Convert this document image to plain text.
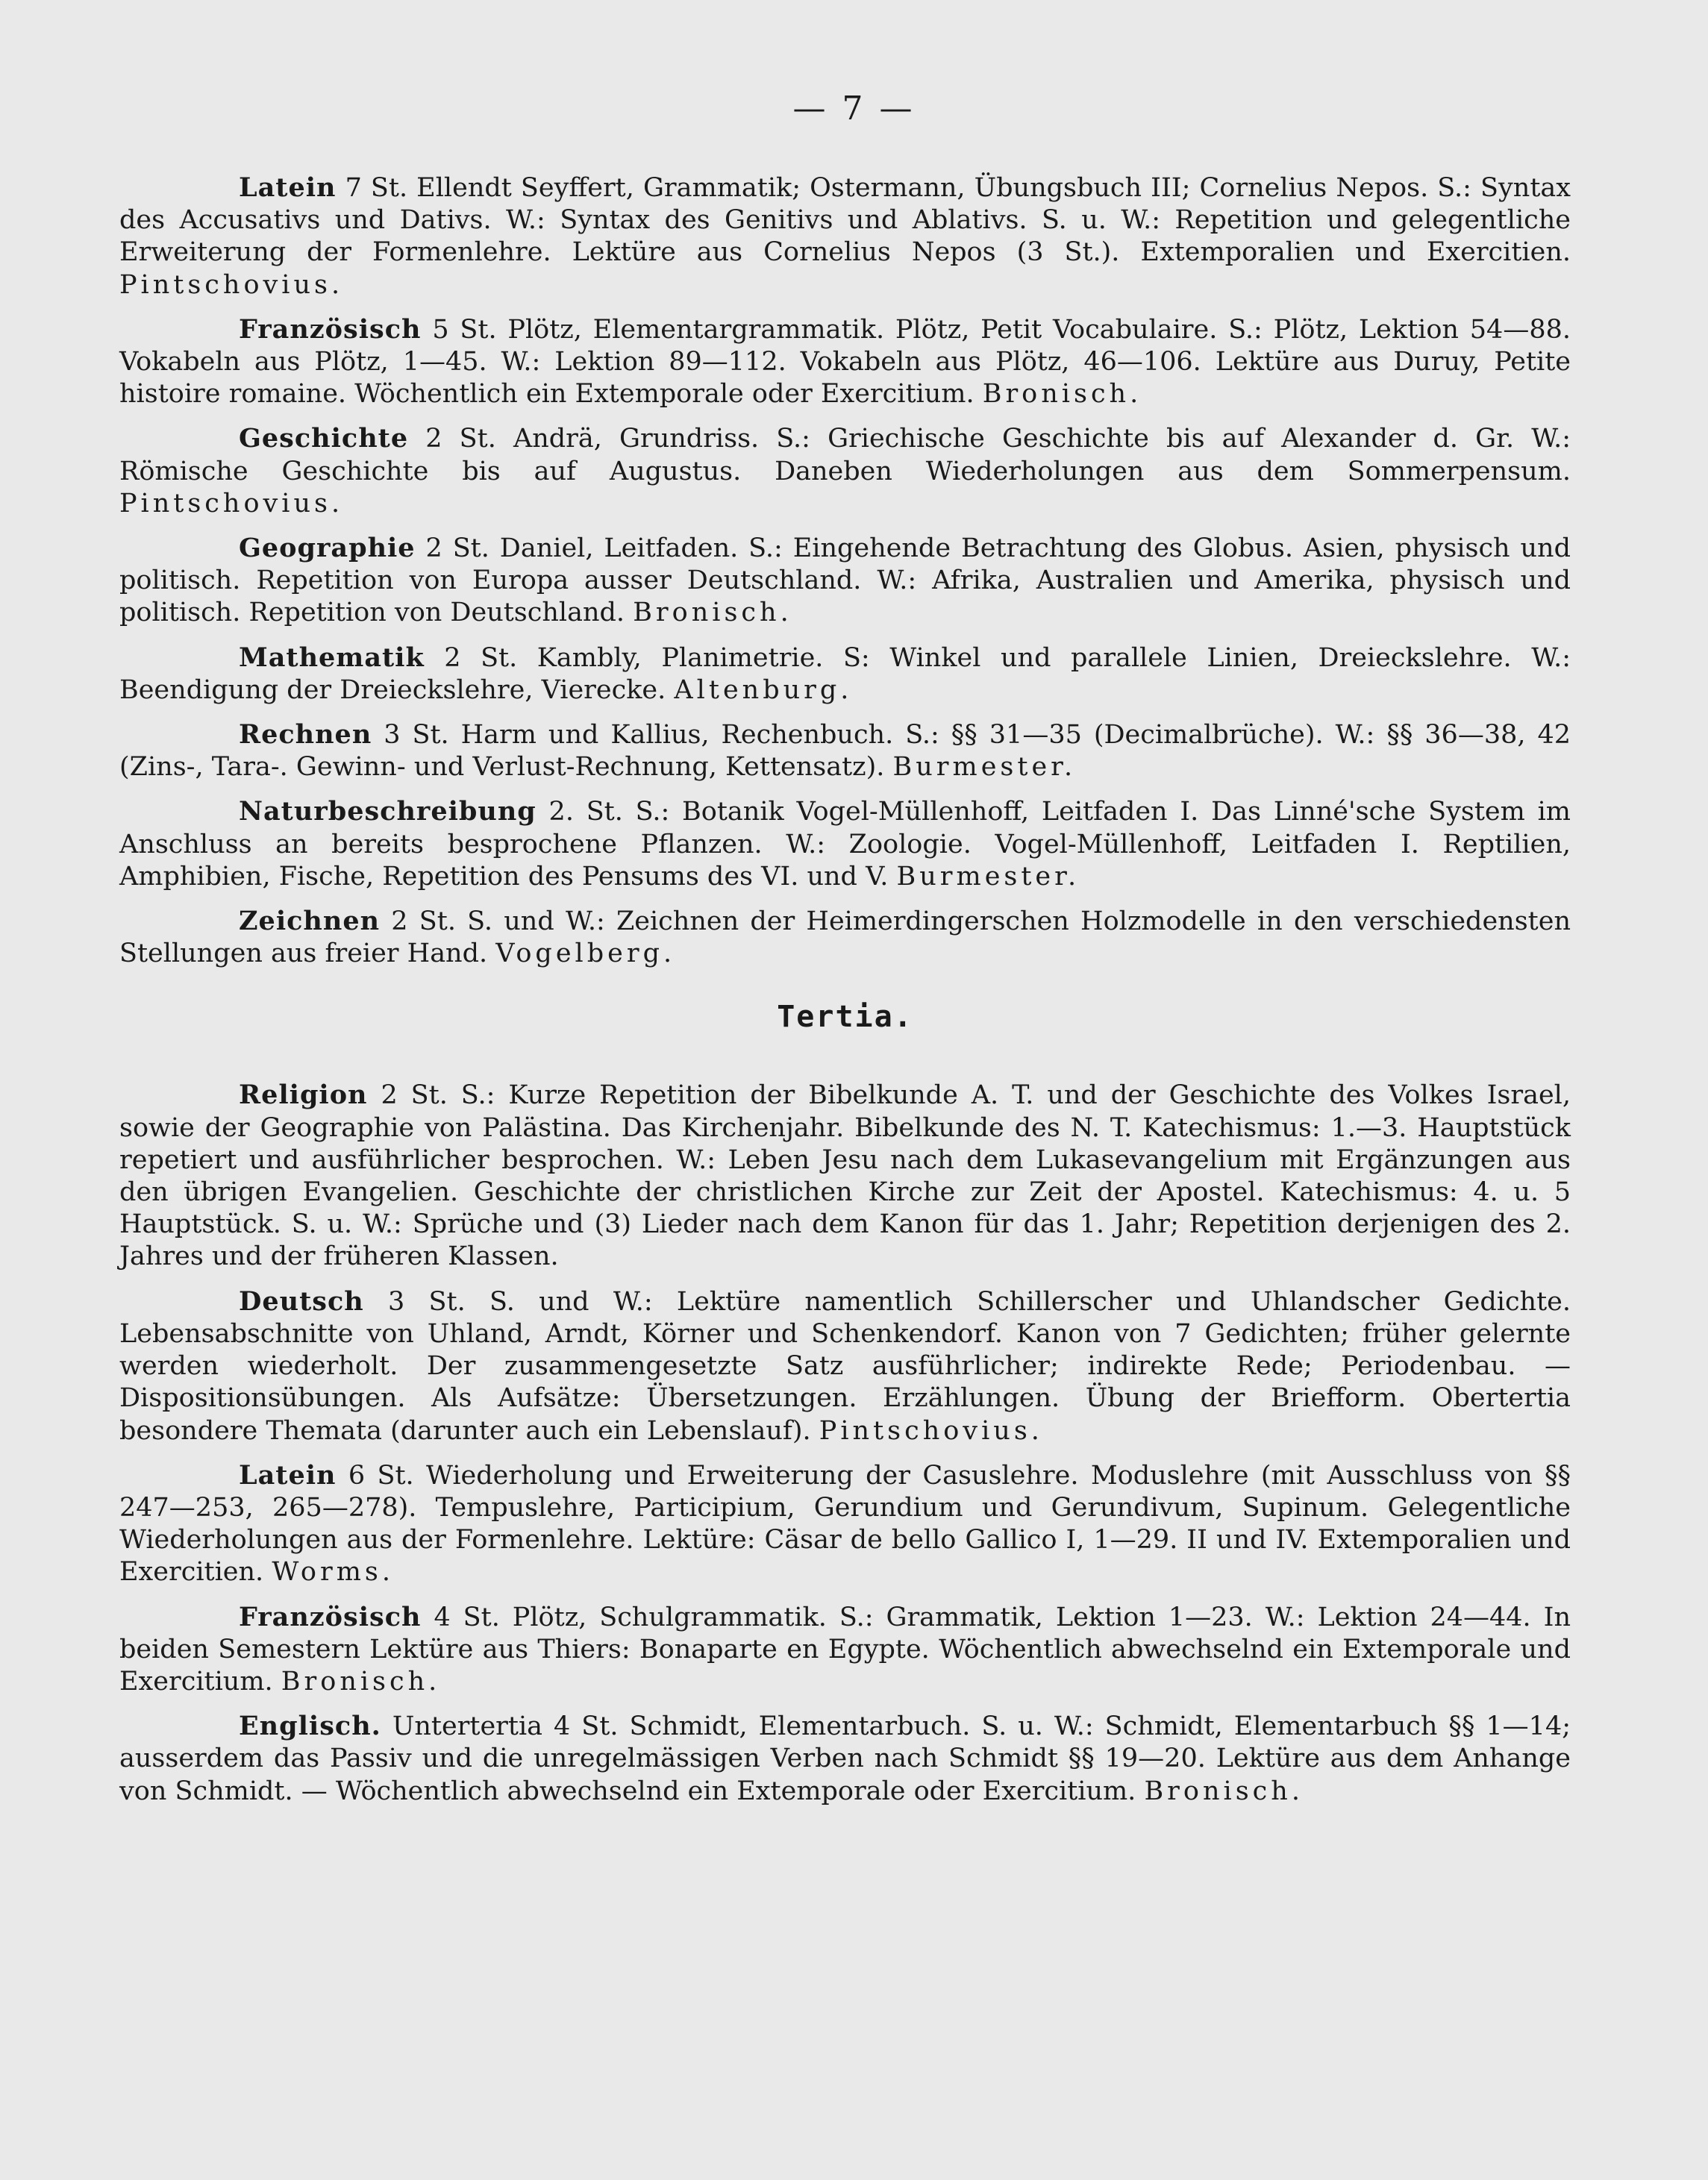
— 7 —

Latein 7 St. Ellendt Seyffert, Grammatik; Ostermann, Übungsbuch III; Cornelius Nepos. S.: Syntax des Accusativs und Dativs. W.: Syntax des Genitivs und Ablativs. S. u. W.: Repetition und gelegentliche Erweiterung der Formenlehre. Lektüre aus Cornelius Nepos (3 St.). Extemporalien und Exercitien. Pintschovius.

Französisch 5 St. Plötz, Elementargrammatik. Plötz, Petit Vocabulaire. S.: Plötz, Lektion 54—88. Vokabeln aus Plötz, 1—45. W.: Lektion 89—112. Vokabeln aus Plötz, 46—106. Lektüre aus Duruy, Petite histoire romaine. Wöchentlich ein Extemporale oder Exercitium. Bronisch.

Geschichte 2 St. Andrä, Grundriss. S.: Griechische Geschichte bis auf Alexander d. Gr. W.: Römische Geschichte bis auf Augustus. Daneben Wiederholungen aus dem Sommerpensum. Pintschovius.

Geographie 2 St. Daniel, Leitfaden. S.: Eingehende Betrachtung des Globus. Asien, physisch und politisch. Repetition von Europa ausser Deutschland. W.: Afrika, Australien und Amerika, physisch und politisch. Repetition von Deutschland. Bronisch.

Mathematik 2 St. Kambly, Planimetrie. S: Winkel und parallele Linien, Dreieckslehre. W.: Beendigung der Dreieckslehre, Vierecke. Altenburg.

Rechnen 3 St. Harm und Kallius, Rechenbuch. S.: §§ 31—35 (Decimalbrüche). W.: §§ 36—38, 42 (Zins-, Tara-. Gewinn- und Verlust-Rechnung, Kettensatz). Burmester.

Naturbeschreibung 2. St. S.: Botanik Vogel-Müllenhoff, Leitfaden I. Das Linné'sche System im Anschluss an bereits besprochene Pflanzen. W.: Zoologie. Vogel-Müllenhoff, Leitfaden I. Reptilien, Amphibien, Fische, Repetition des Pensums des VI. und V. Burmester.

Zeichnen 2 St. S. und W.: Zeichnen der Heimerdingerschen Holzmodelle in den verschiedensten Stellungen aus freier Hand. Vogelberg.

Tertia.

Religion 2 St. S.: Kurze Repetition der Bibelkunde A. T. und der Geschichte des Volkes Israel, sowie der Geographie von Palästina. Das Kirchenjahr. Bibelkunde des N. T. Katechismus: 1.—3. Hauptstück repetiert und ausführlicher besprochen. W.: Leben Jesu nach dem Lukasevangelium mit Ergänzungen aus den übrigen Evangelien. Geschichte der christlichen Kirche zur Zeit der Apostel. Katechismus: 4. u. 5 Hauptstück. S. u. W.: Sprüche und (3) Lieder nach dem Kanon für das 1. Jahr; Repetition derjenigen des 2. Jahres und der früheren Klassen.

Deutsch 3 St. S. und W.: Lektüre namentlich Schillerscher und Uhlandscher Gedichte. Lebensabschnitte von Uhland, Arndt, Körner und Schenkendorf. Kanon von 7 Gedichten; früher gelernte werden wiederholt. Der zusammengesetzte Satz ausführlicher; indirekte Rede; Periodenbau. — Dispositionsübungen. Als Aufsätze: Übersetzungen. Erzählungen. Übung der Briefform. Obertertia besondere Themata (darunter auch ein Lebenslauf). Pintschovius.

Latein 6 St. Wiederholung und Erweiterung der Casuslehre. Moduslehre (mit Ausschluss von §§ 247—253, 265—278). Tempuslehre, Participium, Gerundium und Gerundivum, Supinum. Gelegentliche Wiederholungen aus der Formenlehre. Lektüre: Cäsar de bello Gallico I, 1—29. II und IV. Extemporalien und Exercitien. Worms.

Französisch 4 St. Plötz, Schulgrammatik. S.: Grammatik, Lektion 1—23. W.: Lektion 24—44. In beiden Semestern Lektüre aus Thiers: Bonaparte en Egypte. Wöchentlich abwechselnd ein Extemporale und Exercitium. Bronisch.

Englisch. Untertertia 4 St. Schmidt, Elementarbuch. S. u. W.: Schmidt, Elementarbuch §§ 1—14; ausserdem das Passiv und die unregelmässigen Verben nach Schmidt §§ 19—20. Lektüre aus dem Anhange von Schmidt. — Wöchentlich abwechselnd ein Extemporale oder Exercitium. Bronisch.
